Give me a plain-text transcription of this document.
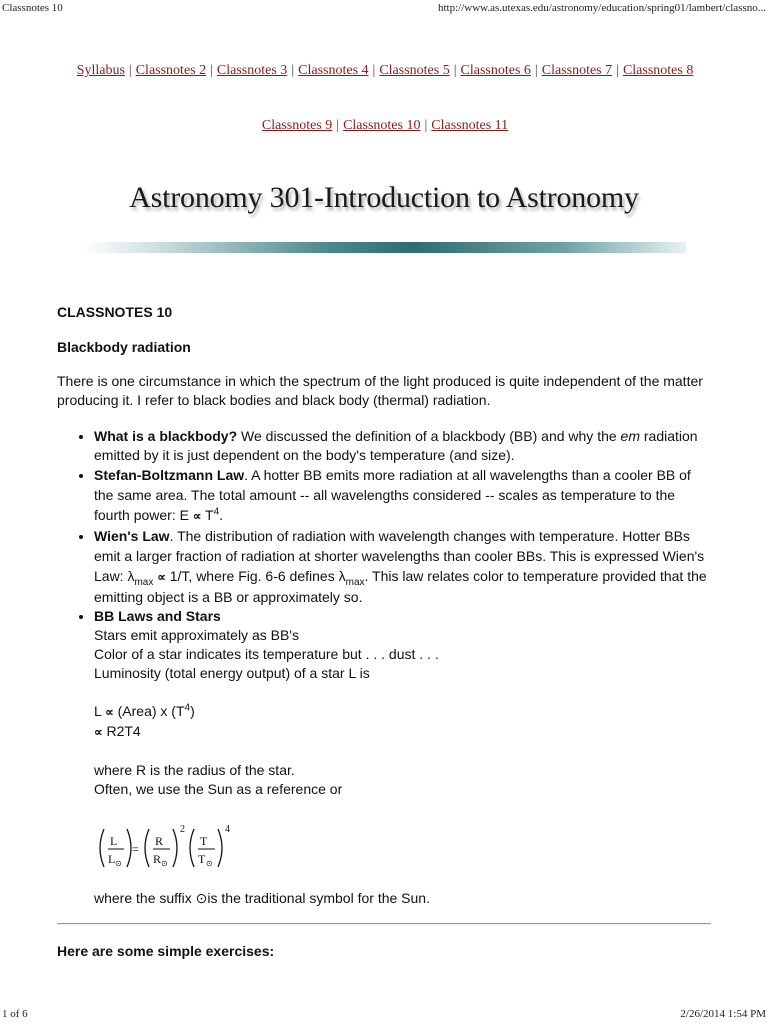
Classnotes 10	http://www.as.utexas.edu/astronomy/education/spring01/lambert/classno...
Syllabus | Classnotes 2 | Classnotes 3 | Classnotes 4 | Classnotes 5 | Classnotes 6 | Classnotes 7 | Classnotes 8
Classnotes 9 | Classnotes 10 | Classnotes 11
Astronomy 301-Introduction to Astronomy

CLASSNOTES 10

Blackbody radiation

There is one circumstance in which the spectrum of the light produced is quite independent of the matter producing it. I refer to black bodies and black body (thermal) radiation.

• What is a blackbody? We discussed the definition of a blackbody (BB) and why the em radiation emitted by it is just dependent on the body's temperature (and size).
• Stefan-Boltzmann Law. A hotter BB emits more radiation at all wavelengths than a cooler BB of the same area. The total amount -- all wavelengths considered -- scales as temperature to the fourth power: $E \propto T^4$.
• Wien's Law. The distribution of radiation with wavelength changes with temperature. Hotter BBs emit a larger fraction of radiation at shorter wavelengths than cooler BBs. This is expressed Wien's Law: $\lambda_{max} \propto 1/T$, where Fig. 6-6 defines $\lambda_{max}$. This law relates color to temperature provided that the emitting object is a BB or approximately so.
• BB Laws and Stars
Stars emit approximately as BB's
Color of a star indicates its temperature but . . . dust . . .
Luminosity (total energy output) of a star L is

L ∝ (Area) x $(T^4)$
∝ R2T4

where R is the radius of the star.
Often, we use the Sun as a reference or
L
L ⊙
=
R
R ⊙
2
T
T ⊙
4
where the suffix ⊙is the traditional symbol for the Sun.

Here are some simple exercises:

1 of 6	2/26/2014 1:54 PM
